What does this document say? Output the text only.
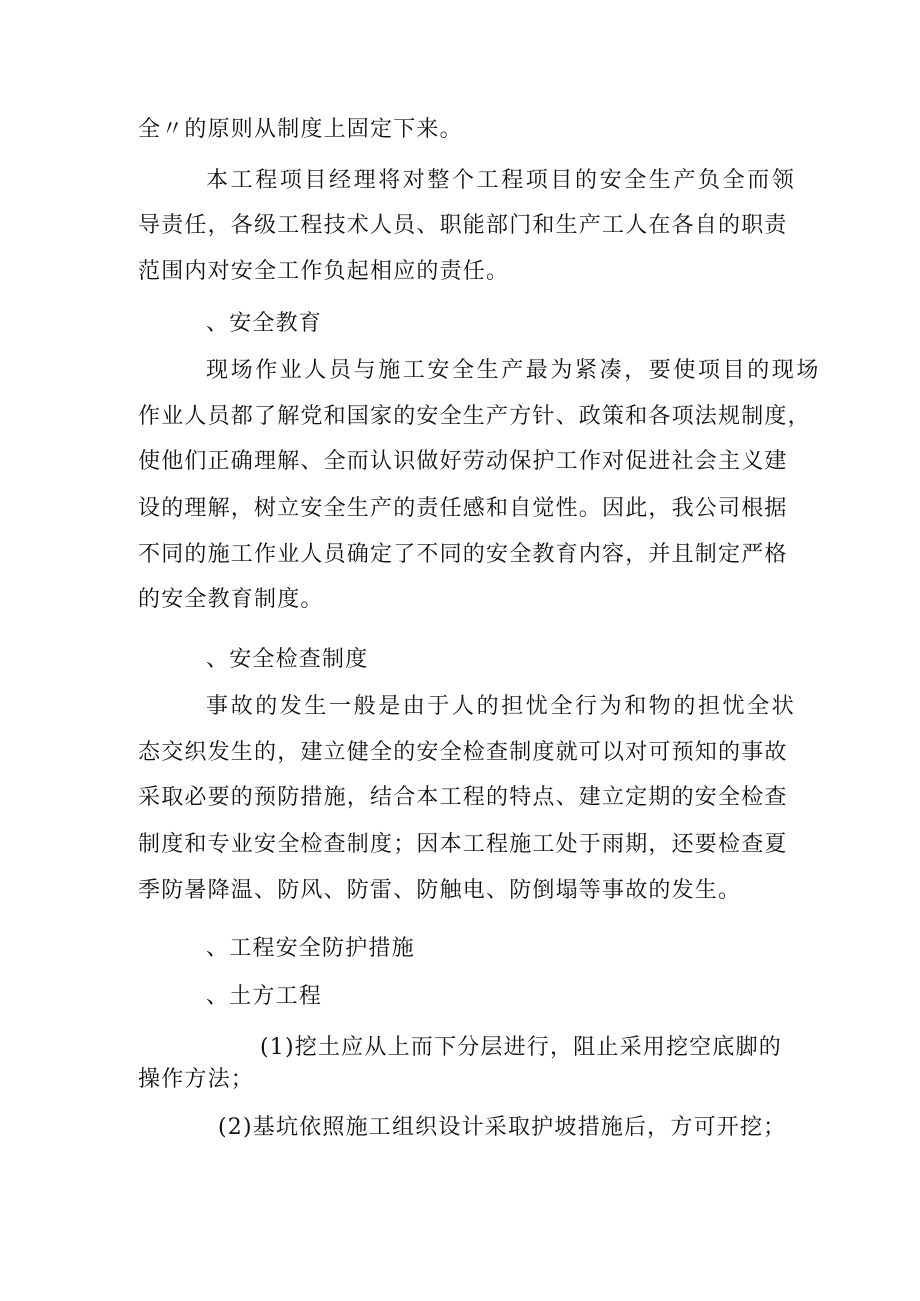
全〃的原则从制度上固定下来。
本工程项目经理将对整个工程项目的安全生产负全而领
导责任，各级工程技术人员、职能部门和生产工人在各自的职责
范围内对安全工作负起相应的责任。
、安全教育
现场作业人员与施工安全生产最为紧凑，要使项目的现场
作业人员都了解党和国家的安全生产方针、政策和各项法规制度，
使他们正确理解、全而认识做好劳动保护工作对促进社会主义建
设的理解，树立安全生产的责任感和自觉性。因此，我公司根据
不同的施工作业人员确定了不同的安全教育内容，并且制定严格
的安全教育制度。
、安全检查制度
事故的发生一般是由于人的担忧全行为和物的担忧全状
态交织发生的，建立健全的安全检查制度就可以对可预知的事故
采取必要的预防措施，结合本工程的特点、建立定期的安全检查
制度和专业安全检查制度；因本工程施工处于雨期，还要检查夏
季防暑降温、防风、防雷、防触电、防倒塌等事故的发生。
、工程安全防护措施
、土方工程
(1)挖土应从上而下分层进行，阻止采用挖空底脚的
操作方法；
(2)基坑依照施工组织设计采取护坡措施后，方可开挖；
